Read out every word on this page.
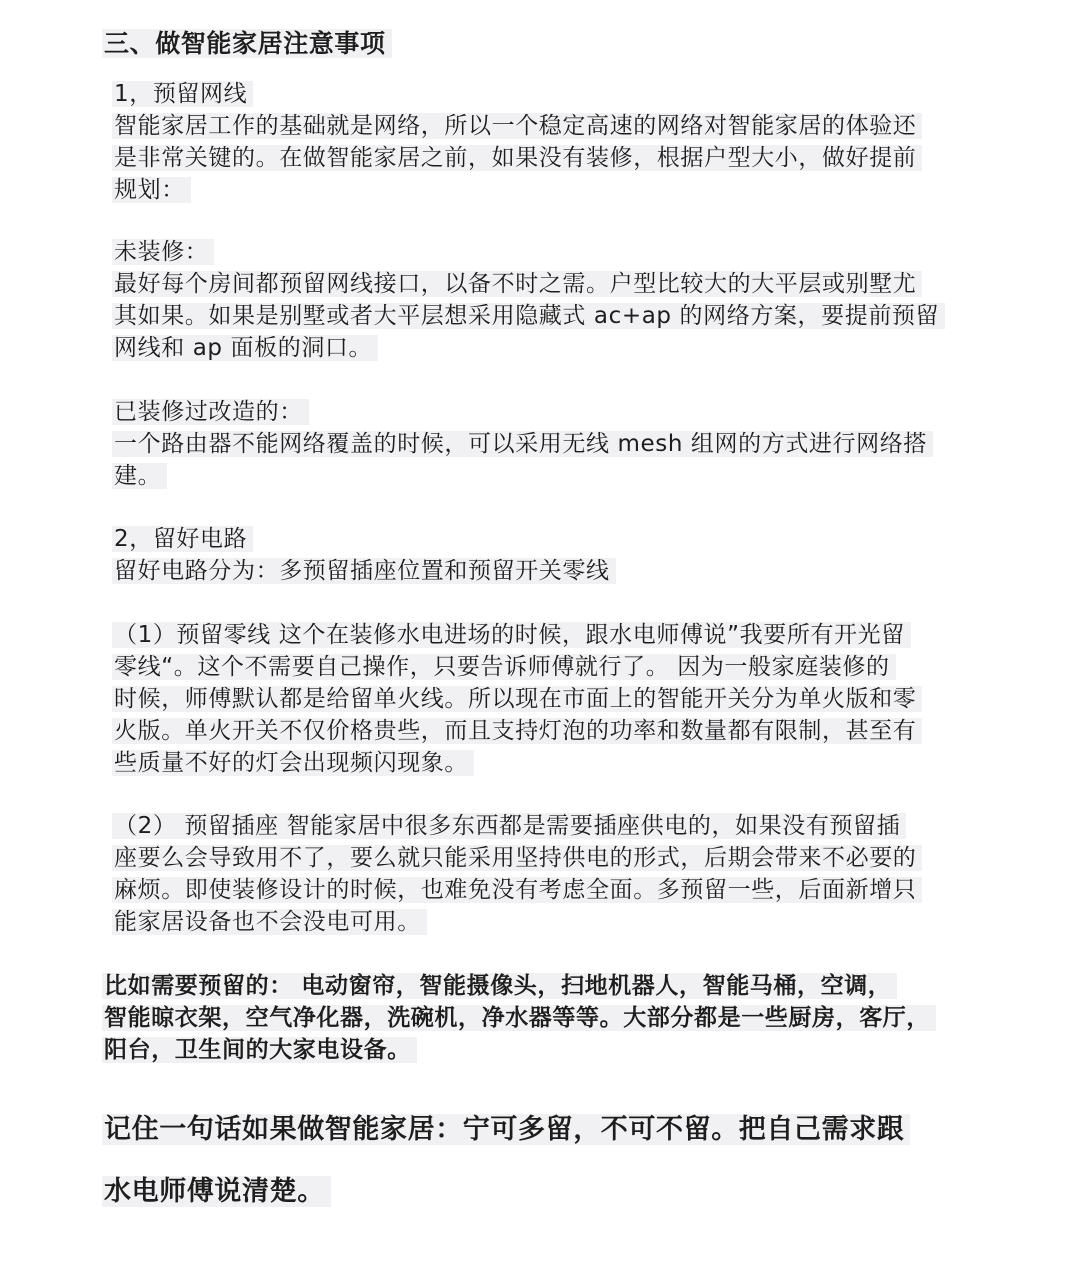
三、做智能家居注意事项
1，预留网线
智能家居工作的基础就是网络，所以一个稳定高速的网络对智能家居的体验还
是非常关键的。在做智能家居之前，如果没有装修，根据户型大小，做好提前
规划：
未装修：
最好每个房间都预留网线接口，以备不时之需。户型比较大的大平层或别墅尤
其如果。如果是别墅或者大平层想采用隐藏式 ac+ap 的网络方案，要提前预留
网线和 ap 面板的洞口。
已装修过改造的：
一个路由器不能网络覆盖的时候，可以采用无线 mesh 组网的方式进行网络搭
建。
2，留好电路
留好电路分为：多预留插座位置和预留开关零线
（1）预留零线 这个在装修水电进场的时候，跟水电师傅说”我要所有开光留
零线“。这个不需要自己操作，只要告诉师傅就行了。 因为一般家庭装修的
时候，师傅默认都是给留单火线。所以现在市面上的智能开关分为单火版和零
火版。单火开关不仅价格贵些，而且支持灯泡的功率和数量都有限制，甚至有
些质量不好的灯会出现频闪现象。
（2） 预留插座 智能家居中很多东西都是需要插座供电的，如果没有预留插
座要么会导致用不了，要么就只能采用坚持供电的形式，后期会带来不必要的
麻烦。即使装修设计的时候，也难免没有考虑全面。多预留一些，后面新增只
能家居设备也不会没电可用。
比如需要预留的： 电动窗帘，智能摄像头，扫地机器人，智能马桶，空调，
智能晾衣架，空气净化器，洗碗机，净水器等等。大部分都是一些厨房，客厅，
阳台，卫生间的大家电设备。
记住一句话如果做智能家居：宁可多留，不可不留。把自己需求跟
水电师傅说清楚。
